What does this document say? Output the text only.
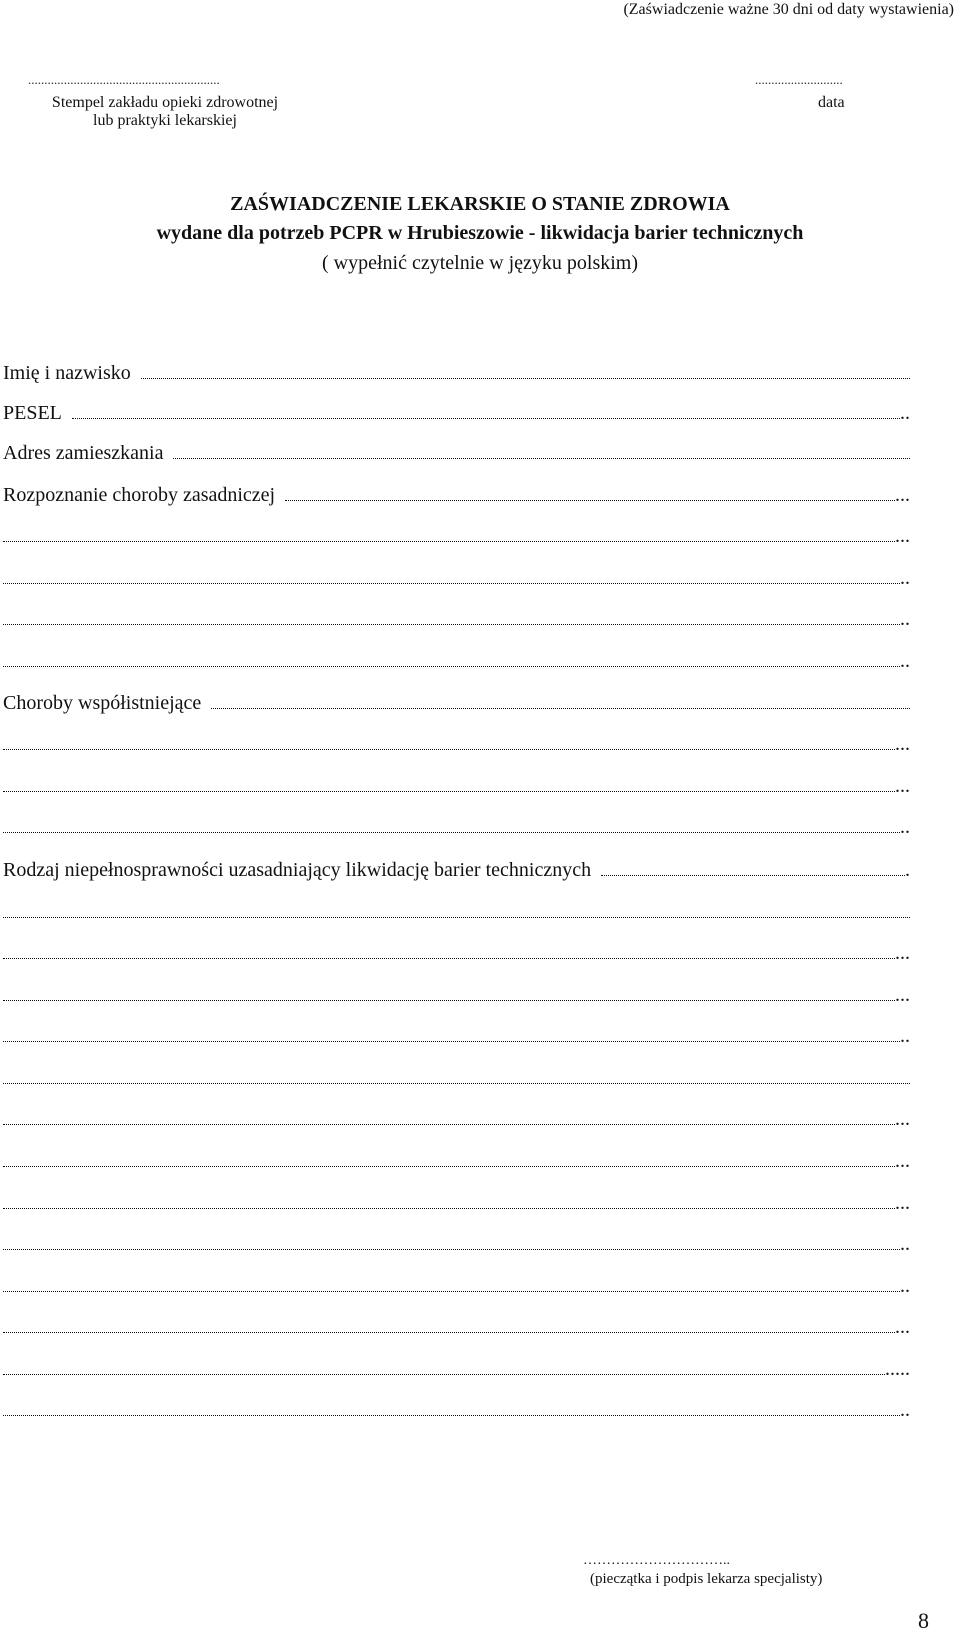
(Zaświadczenie ważne 30 dni od daty wystawienia)
...........................................................
Stempel zakładu opieki zdrowotnej
lub praktyki lekarskiej
...........................
data
ZAŚWIADCZENIE LEKARSKIE O STANIE ZDROWIA
wydane dla potrzeb PCPR w Hrubieszowie - likwidacja barier technicznych
( wypełnić czytelnie w języku polskim)
Imię i nazwisko
PESEL	..
Adres zamieszkania
Rozpoznanie choroby zasadniczej	...
...
..
..
..
Choroby współistniejące
...
...
..
Rodzaj niepełnosprawności uzasadniający likwidację barier technicznych	.
...
...
..
...
...
...
..
..
...
.....
..
…………………………..
(pieczątka i podpis lekarza specjalisty)
8
